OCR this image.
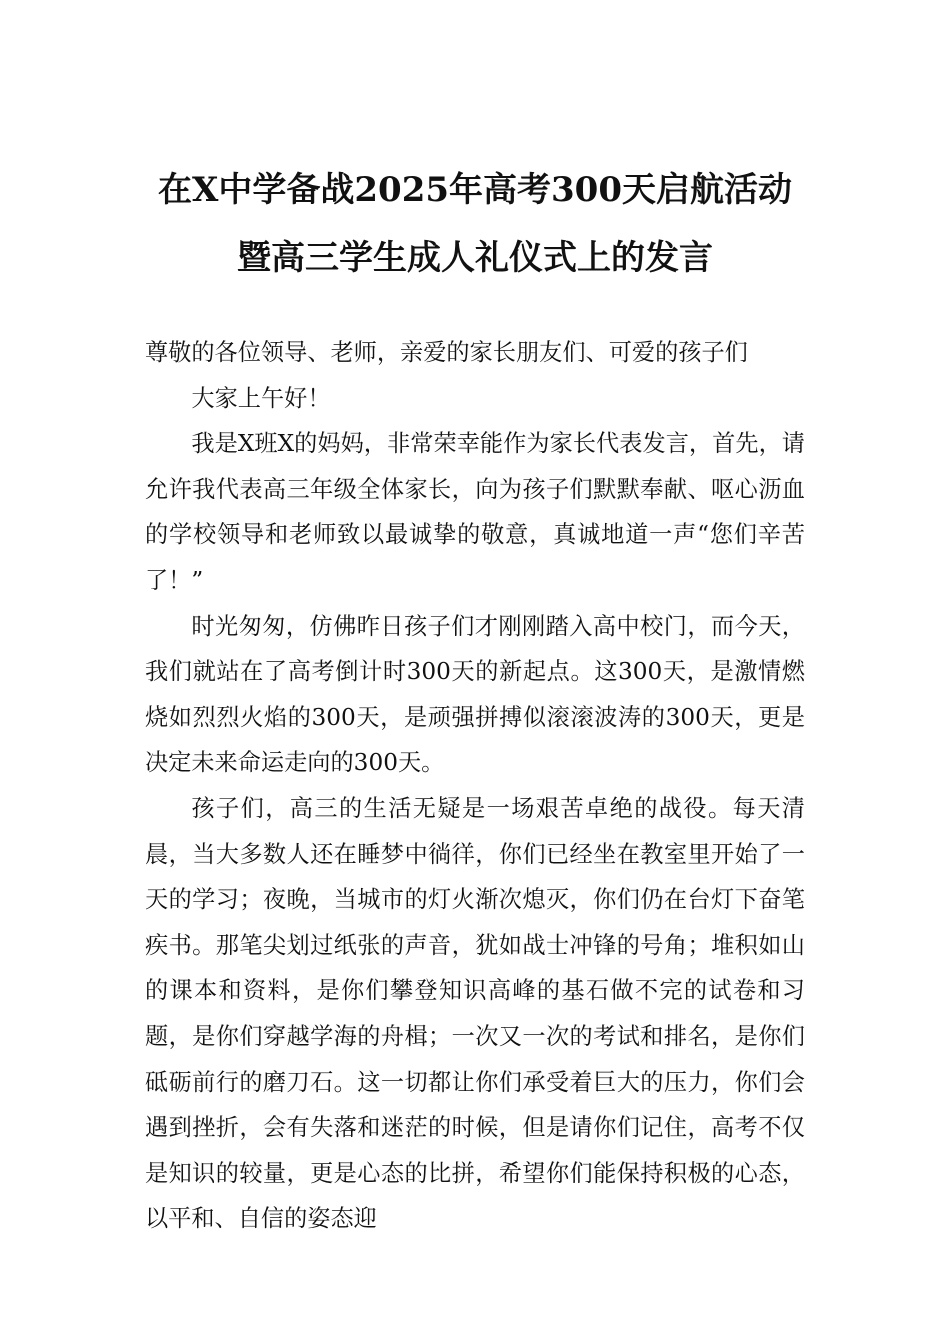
在X中学备战2025年高考300天启航活动
暨高三学生成人礼仪式上的发言

尊敬的各位领导、老师，亲爱的家长朋友们、可爱的孩子们

大家上午好！

我是X班X的妈妈，非常荣幸能作为家长代表发言，首先，请允许我代表高三年级全体家长，向为孩子们默默奉献、呕心沥血的学校领导和老师致以最诚挚的敬意，真诚地道一声“您们辛苦了！”

时光匆匆，仿佛昨日孩子们才刚刚踏入高中校门，而今天，我们就站在了高考倒计时300天的新起点。这300天，是激情燃烧如烈烈火焰的300天，是顽强拼搏似滚滚波涛的300天，更是决定未来命运走向的300天。

孩子们，高三的生活无疑是一场艰苦卓绝的战役。每天清晨，当大多数人还在睡梦中徜徉，你们已经坐在教室里开始了一天的学习；夜晚，当城市的灯火渐次熄灭，你们仍在台灯下奋笔疾书。那笔尖划过纸张的声音，犹如战士冲锋的号角；堆积如山的课本和资料，是你们攀登知识高峰的基石做不完的试卷和习题，是你们穿越学海的舟楫；一次又一次的考试和排名，是你们砥砺前行的磨刀石。这一切都让你们承受着巨大的压力，你们会遇到挫折，会有失落和迷茫的时候，但是请你们记住，高考不仅是知识的较量，更是心态的比拼，希望你们能保持积极的心态，以平和、自信的姿态迎
